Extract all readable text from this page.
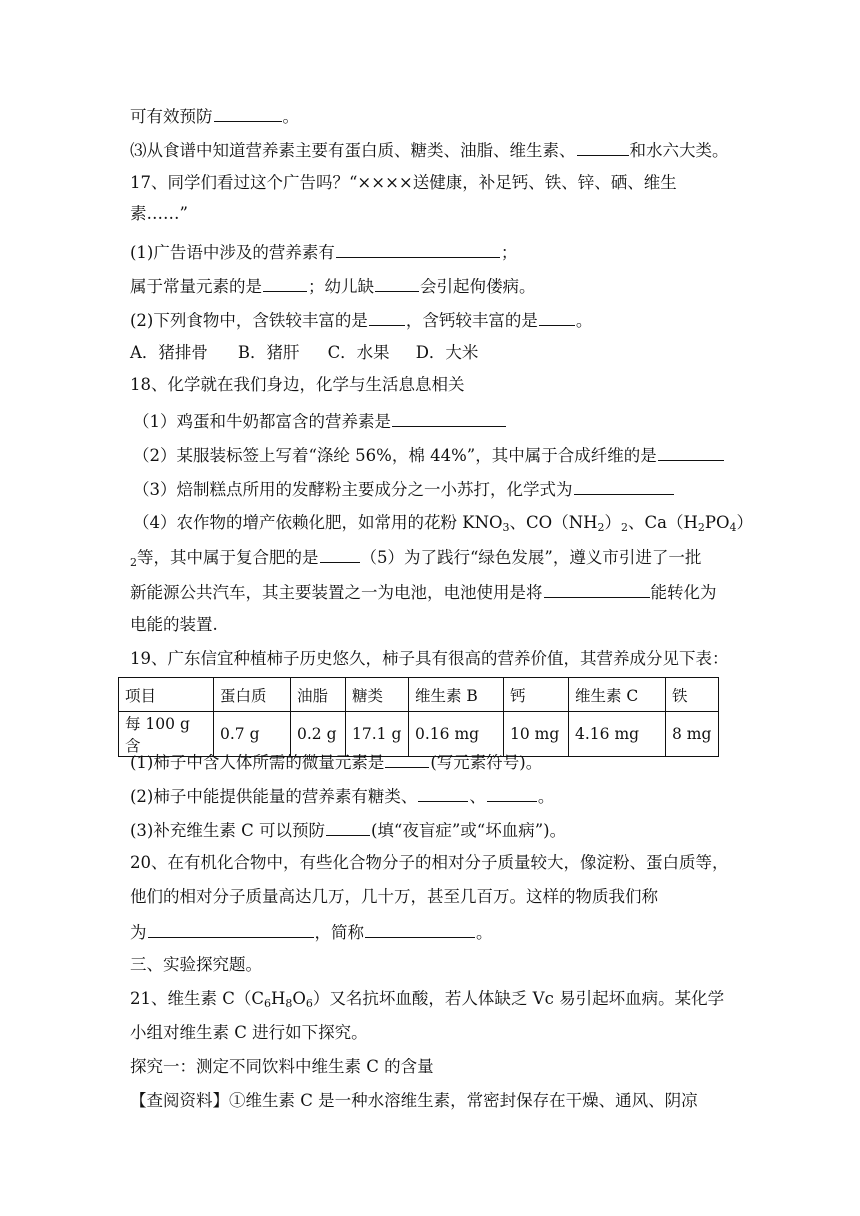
可有效预防	。
⑶从食谱中知道营养素主要有蛋白质、糖类、油脂、维生素、	和水六大类。
17、同学们看过这个广告吗？“××××送健康，补足钙、铁、锌、硒、维生
素……”
(1)广告语中涉及的营养素有	；
属于常量元素的是	；幼儿缺	会引起佝偻病。
(2)下列食物中，含铁较丰富的是 ，含钙较丰富的是 。
A．猪排骨 B．猪肝 C．水果 D．大米
18、化学就在我们身边，化学与生活息息相关
（1）鸡蛋和牛奶都富含的营养素是
（2）某服装标签上写着“涤纶 56%，棉 44%”，其中属于合成纤维的是
（3）焙制糕点所用的发酵粉主要成分之一小苏打，化学式为
（4）农作物的增产依赖化肥，如常用的花粉 $KNO_3$、$CO(NH_2)_2$、$Ca(H_2PO_4)$
$_2$等，其中属于复合肥的是	（5）为了践行“绿色发展”，遵义市引进了一批
新能源公共汽车，其主要装置之一为电池，电池使用是将	能转化为
电能的装置.
19、广东信宜种植柿子历史悠久，柿子具有很高的营养价值，其营养成分见下表：
项目	蛋白质	油脂	糖类	维生素 B	钙	维生素 C	铁
每 100 g 含	0.7 g	0.2 g	17.1 g	0.16 mg	10 mg	4.16 mg	8 mg
(1)柿子中含人体所需的微量元素是	(写元素符号)。
(2)柿子中能提供能量的营养素有糖类、	、	。
(3)补充维生素 C 可以预防	(填“夜盲症”或“坏血病”)。
20、在有机化合物中，有些化合物分子的相对分子质量较大，像淀粉、蛋白质等，
他们的相对分子质量高达几万，几十万，甚至几百万。这样的物质我们称
为	，简称	。
三、实验探究题。
21、维生素 $C(C_6H_8O_6)$又名抗坏血酸，若人体缺乏 Vc 易引起坏血病。某化学
小组对维生素 C 进行如下探究。
探究一：测定不同饮料中维生素 C 的含量
【查阅资料】①维生素 C 是一种水溶维生素，常密封保存在干燥、通风、阴凉
